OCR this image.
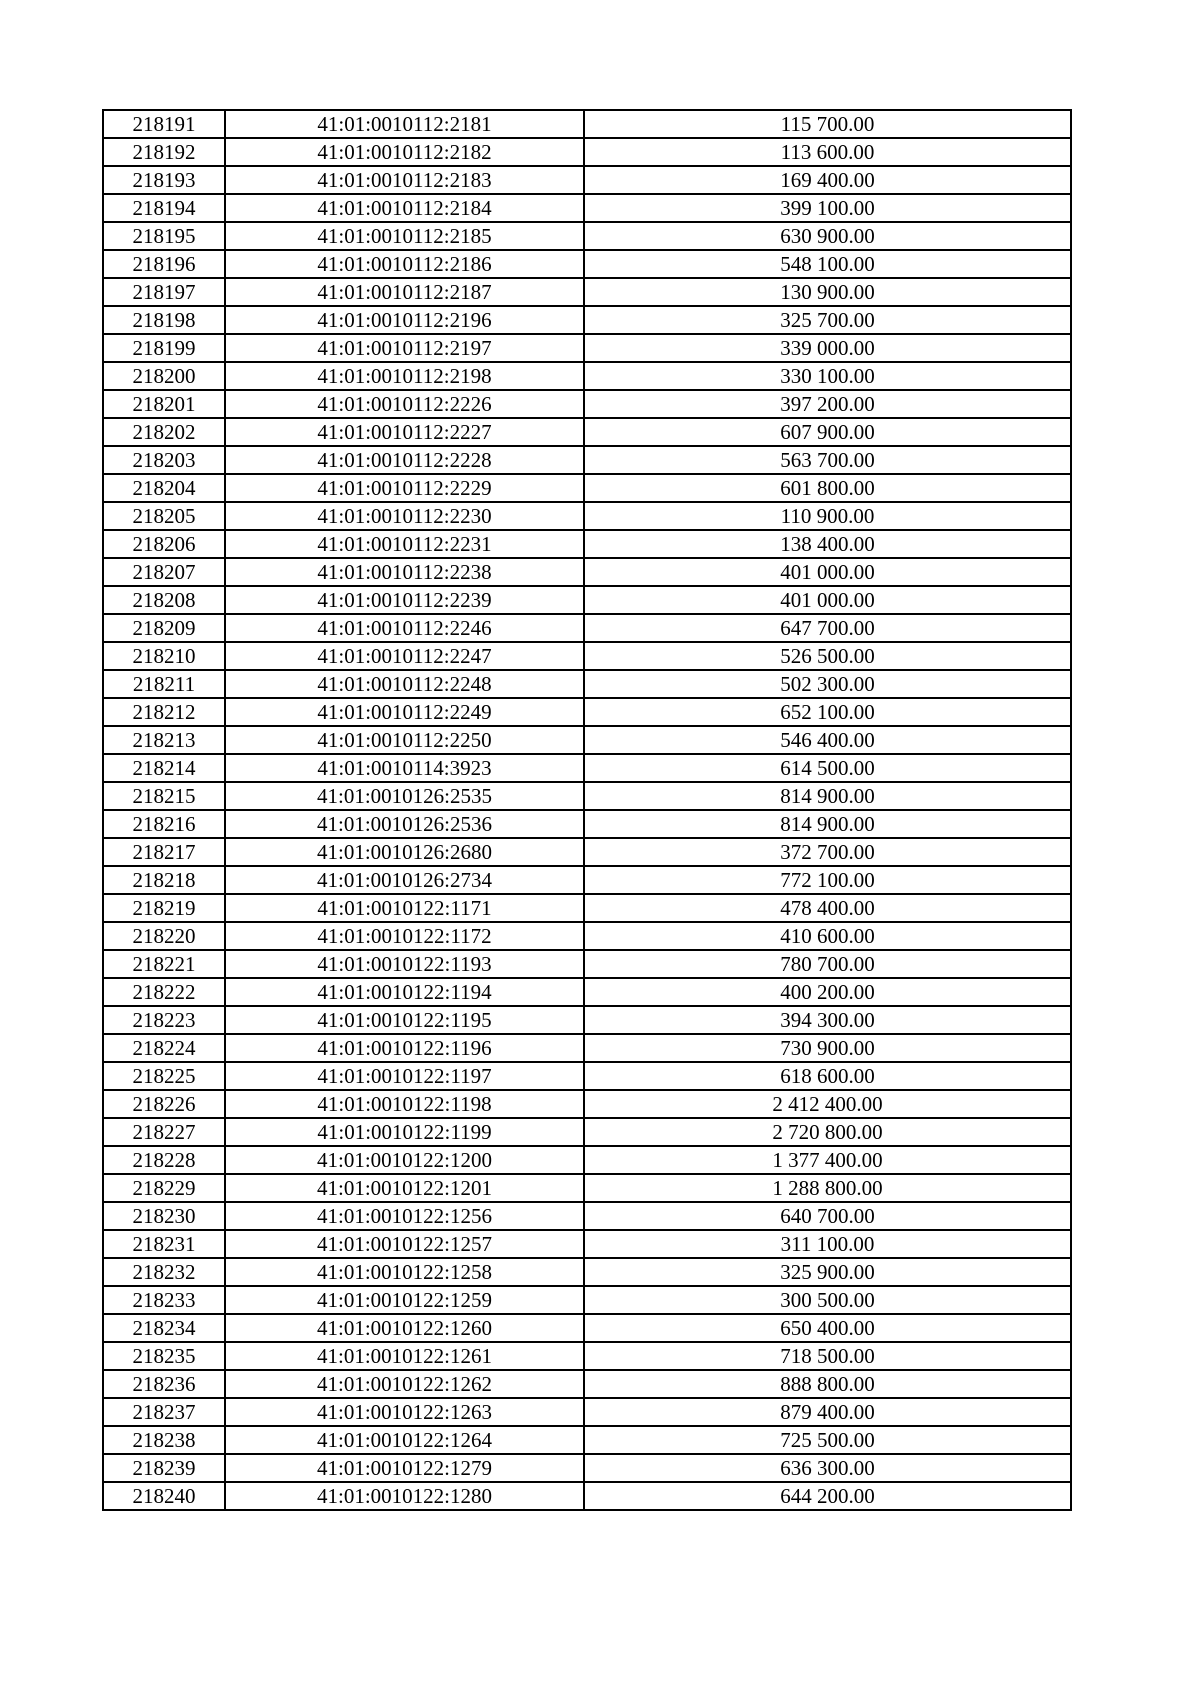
218191	41:01:0010112:2181	115 700.00
218192	41:01:0010112:2182	113 600.00
218193	41:01:0010112:2183	169 400.00
218194	41:01:0010112:2184	399 100.00
218195	41:01:0010112:2185	630 900.00
218196	41:01:0010112:2186	548 100.00
218197	41:01:0010112:2187	130 900.00
218198	41:01:0010112:2196	325 700.00
218199	41:01:0010112:2197	339 000.00
218200	41:01:0010112:2198	330 100.00
218201	41:01:0010112:2226	397 200.00
218202	41:01:0010112:2227	607 900.00
218203	41:01:0010112:2228	563 700.00
218204	41:01:0010112:2229	601 800.00
218205	41:01:0010112:2230	110 900.00
218206	41:01:0010112:2231	138 400.00
218207	41:01:0010112:2238	401 000.00
218208	41:01:0010112:2239	401 000.00
218209	41:01:0010112:2246	647 700.00
218210	41:01:0010112:2247	526 500.00
218211	41:01:0010112:2248	502 300.00
218212	41:01:0010112:2249	652 100.00
218213	41:01:0010112:2250	546 400.00
218214	41:01:0010114:3923	614 500.00
218215	41:01:0010126:2535	814 900.00
218216	41:01:0010126:2536	814 900.00
218217	41:01:0010126:2680	372 700.00
218218	41:01:0010126:2734	772 100.00
218219	41:01:0010122:1171	478 400.00
218220	41:01:0010122:1172	410 600.00
218221	41:01:0010122:1193	780 700.00
218222	41:01:0010122:1194	400 200.00
218223	41:01:0010122:1195	394 300.00
218224	41:01:0010122:1196	730 900.00
218225	41:01:0010122:1197	618 600.00
218226	41:01:0010122:1198	2 412 400.00
218227	41:01:0010122:1199	2 720 800.00
218228	41:01:0010122:1200	1 377 400.00
218229	41:01:0010122:1201	1 288 800.00
218230	41:01:0010122:1256	640 700.00
218231	41:01:0010122:1257	311 100.00
218232	41:01:0010122:1258	325 900.00
218233	41:01:0010122:1259	300 500.00
218234	41:01:0010122:1260	650 400.00
218235	41:01:0010122:1261	718 500.00
218236	41:01:0010122:1262	888 800.00
218237	41:01:0010122:1263	879 400.00
218238	41:01:0010122:1264	725 500.00
218239	41:01:0010122:1279	636 300.00
218240	41:01:0010122:1280	644 200.00
